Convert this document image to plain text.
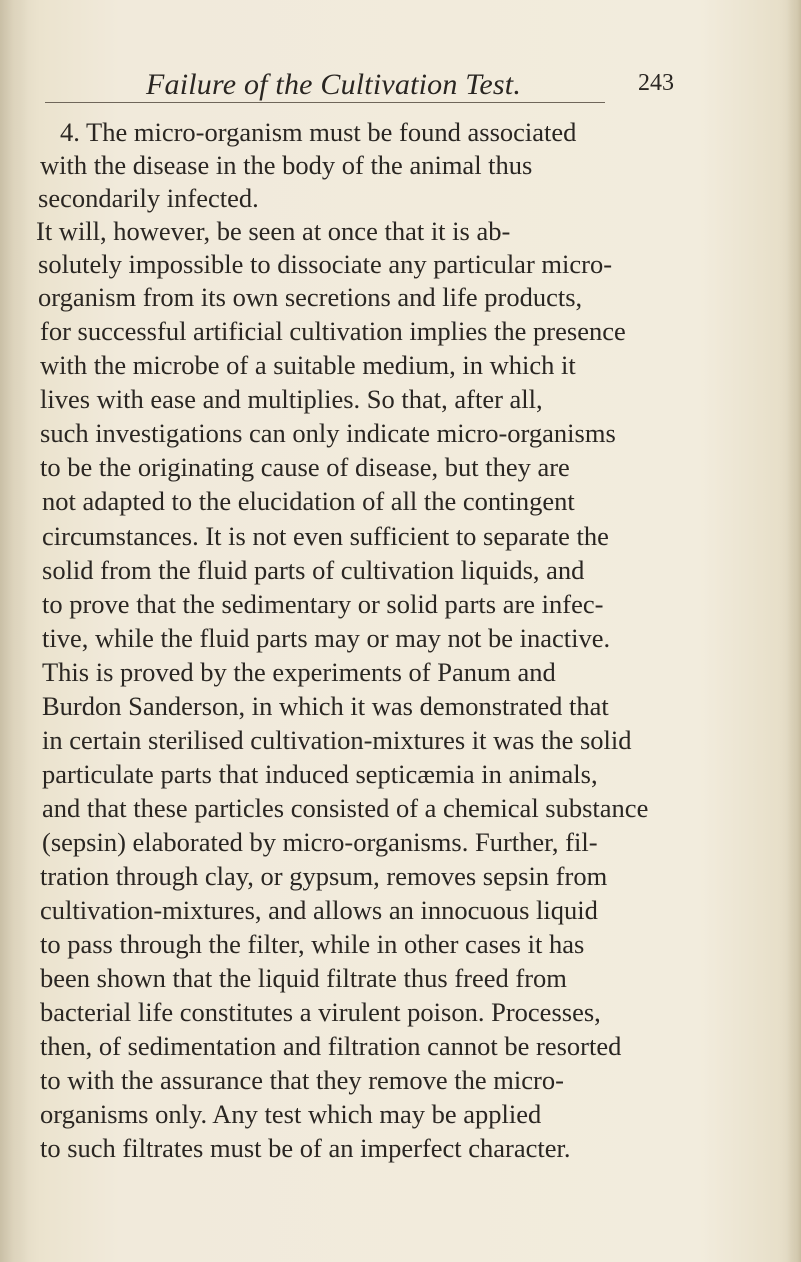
Failure of the Cultivation Test.	243
4. The micro-organism must be found associated
with the disease in the body of the animal thus
secondarily infected.
It will, however, be seen at once that it is ab-
solutely impossible to dissociate any particular micro-
organism from its own secretions and life products,
for successful artificial cultivation implies the presence
with the microbe of a suitable medium, in which it
lives with ease and multiplies. So that, after all,
such investigations can only indicate micro-organisms
to be the originating cause of disease, but they are
not adapted to the elucidation of all the contingent
circumstances. It is not even sufficient to separate the
solid from the fluid parts of cultivation liquids, and
to prove that the sedimentary or solid parts are infec-
tive, while the fluid parts may or may not be inactive.
This is proved by the experiments of Panum and
Burdon Sanderson, in which it was demonstrated that
in certain sterilised cultivation-mixtures it was the solid
particulate parts that induced septicæmia in animals,
and that these particles consisted of a chemical substance
(sepsin) elaborated by micro-organisms. Further, fil-
tration through clay, or gypsum, removes sepsin from
cultivation-mixtures, and allows an innocuous liquid
to pass through the filter, while in other cases it has
been shown that the liquid filtrate thus freed from
bacterial life constitutes a virulent poison. Processes,
then, of sedimentation and filtration cannot be resorted
to with the assurance that they remove the micro-
organisms only. Any test which may be applied
to such filtrates must be of an imperfect character.
